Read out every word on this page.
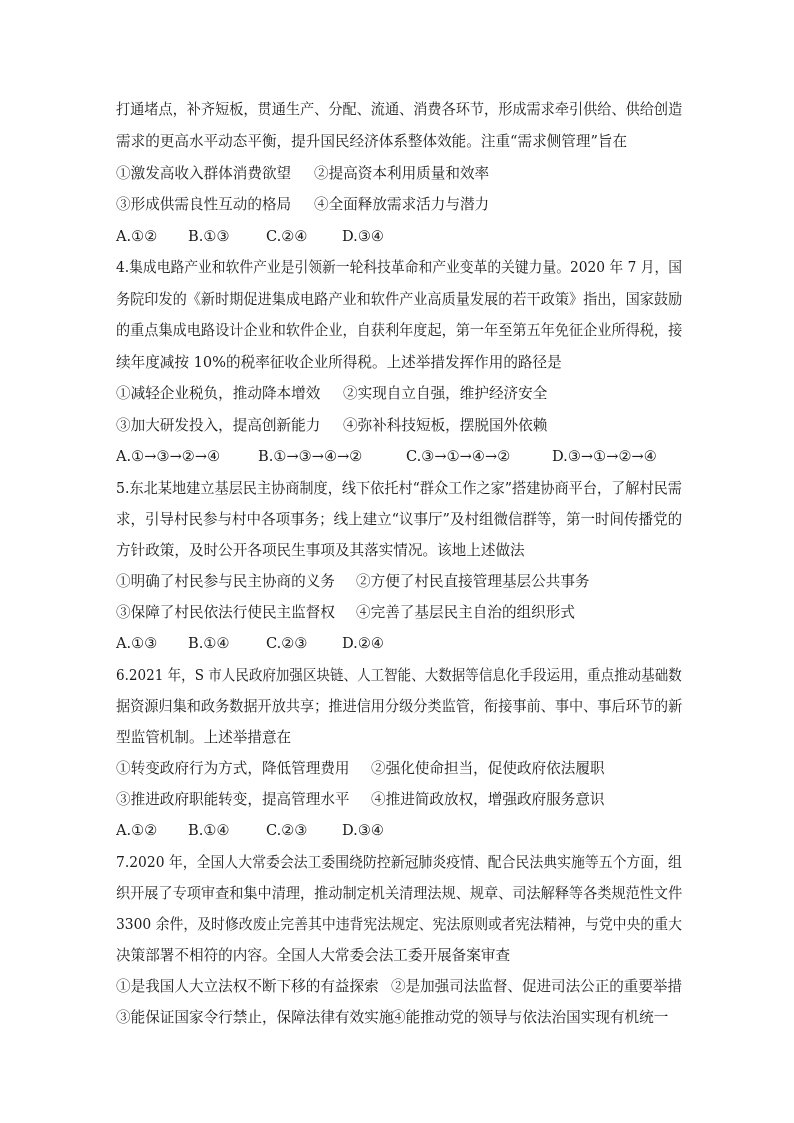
打通堵点，补齐短板，贯通生产、分配、流通、消费各环节，形成需求牵引供给、供给创造
需求的更高水平动态平衡，提升国民经济体系整体效能。注重“需求侧管理”旨在
①激发高收入群体消费欲望 ②提高资本利用质量和效率
③形成供需良性互动的格局 ④全面释放需求活力与潜力
A.①② B.①③ C.②④ D.③④
4.集成电路产业和软件产业是引领新一轮科技革命和产业变革的关键力量。2020 年 7 月，国
务院印发的《新时期促进集成电路产业和软件产业高质量发展的若干政策》指出，国家鼓励
的重点集成电路设计企业和软件企业，自获利年度起，第一年至第五年免征企业所得税，接
续年度减按 10%的税率征收企业所得税。上述举措发挥作用的路径是
①减轻企业税负，推动降本增效 ②实现自立自强，维护经济安全
③加大研发投入，提高创新能力 ④弥补科技短板，摆脱国外依赖
A.①→③→②→④	B.①→③→④→②	C.③→①→④→②	D.③→①→②→④
5.东北某地建立基层民主协商制度，线下依托村“群众工作之家”搭建协商平台，了解村民需
求，引导村民参与村中各项事务；线上建立“议事厅”及村组微信群等，第一时间传播党的
方针政策，及时公开各项民生事项及其落实情况。该地上述做法
①明确了村民参与民主协商的义务 ②方便了村民直接管理基层公共事务
③保障了村民依法行使民主监督权 ④完善了基层民主自治的组织形式
A.①③ B.①④ C.②③ D.②④
6.2021 年，S 市人民政府加强区块链、人工智能、大数据等信息化手段运用，重点推动基础数
据资源归集和政务数据开放共享；推进信用分级分类监管，衔接事前、事中、事后环节的新
型监管机制。上述举措意在
①转变政府行为方式，降低管理费用 ②强化使命担当，促使政府依法履职
③推进政府职能转变，提高管理水平 ④推进简政放权，增强政府服务意识
A.①② B.①④ C.②③ D.③④
7.2020 年，全国人大常委会法工委围绕防控新冠肺炎疫情、配合民法典实施等五个方面，组
织开展了专项审查和集中清理，推动制定机关清理法规、规章、司法解释等各类规范性文件
3300 余件，及时修改废止完善其中违背宪法规定、宪法原则或者宪法精神，与党中央的重大
决策部署不相符的内容。全国人大常委会法工委开展备案审查
①是我国人大立法权不断下移的有益探索 ②是加强司法监督、促进司法公正的重要举措
③能保证国家令行禁止，保障法律有效实施
④能推动党的领导与依法治国实现有机统一
